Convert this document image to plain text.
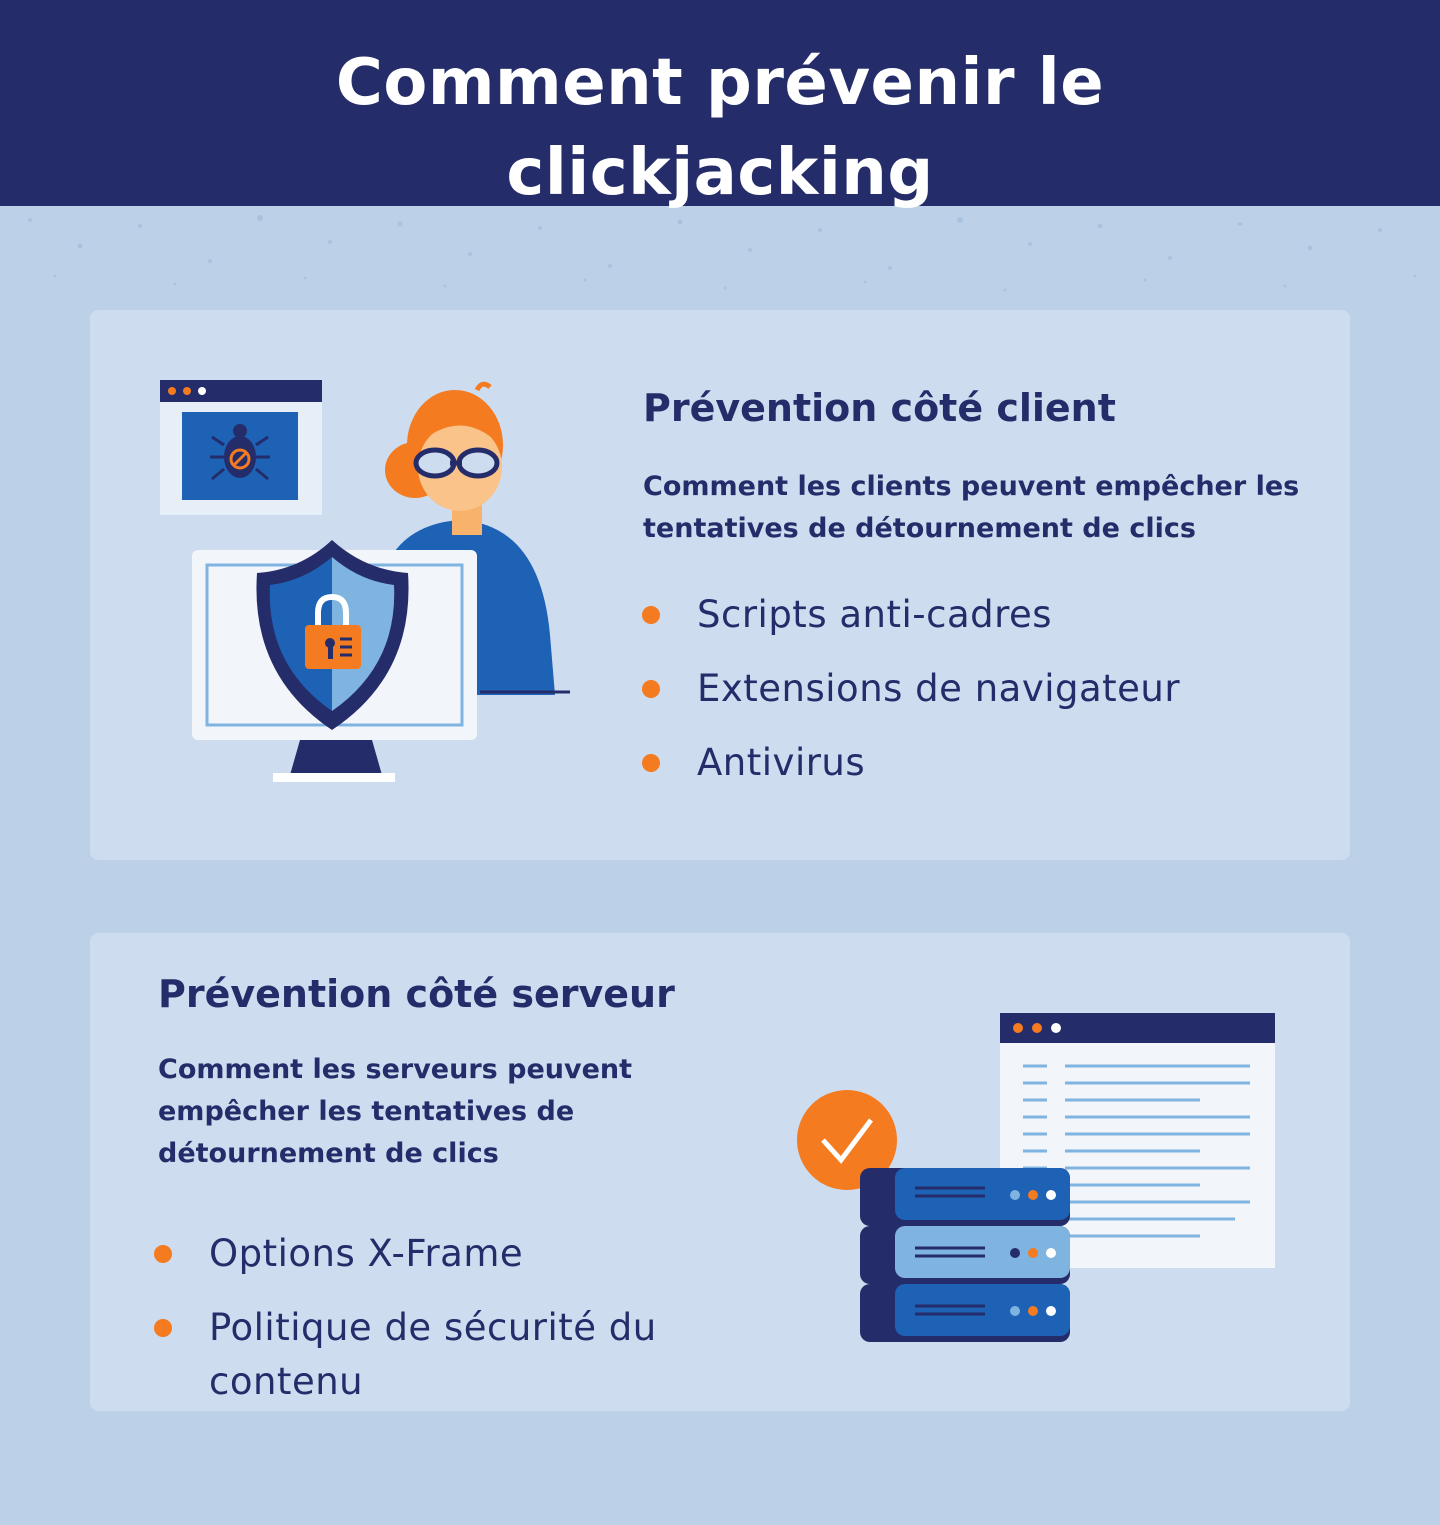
Comment prévenir le clickjacking
Prévention côté client
Comment les clients peuvent empêcher les tentatives de détournement de clics
Scripts anti-cadres
Extensions de navigateur
Antivirus
Prévention côté serveur
Comment les serveurs peuvent empêcher les tentatives de détournement de clics
Options X-Frame
Politique de sécurité du contenu
